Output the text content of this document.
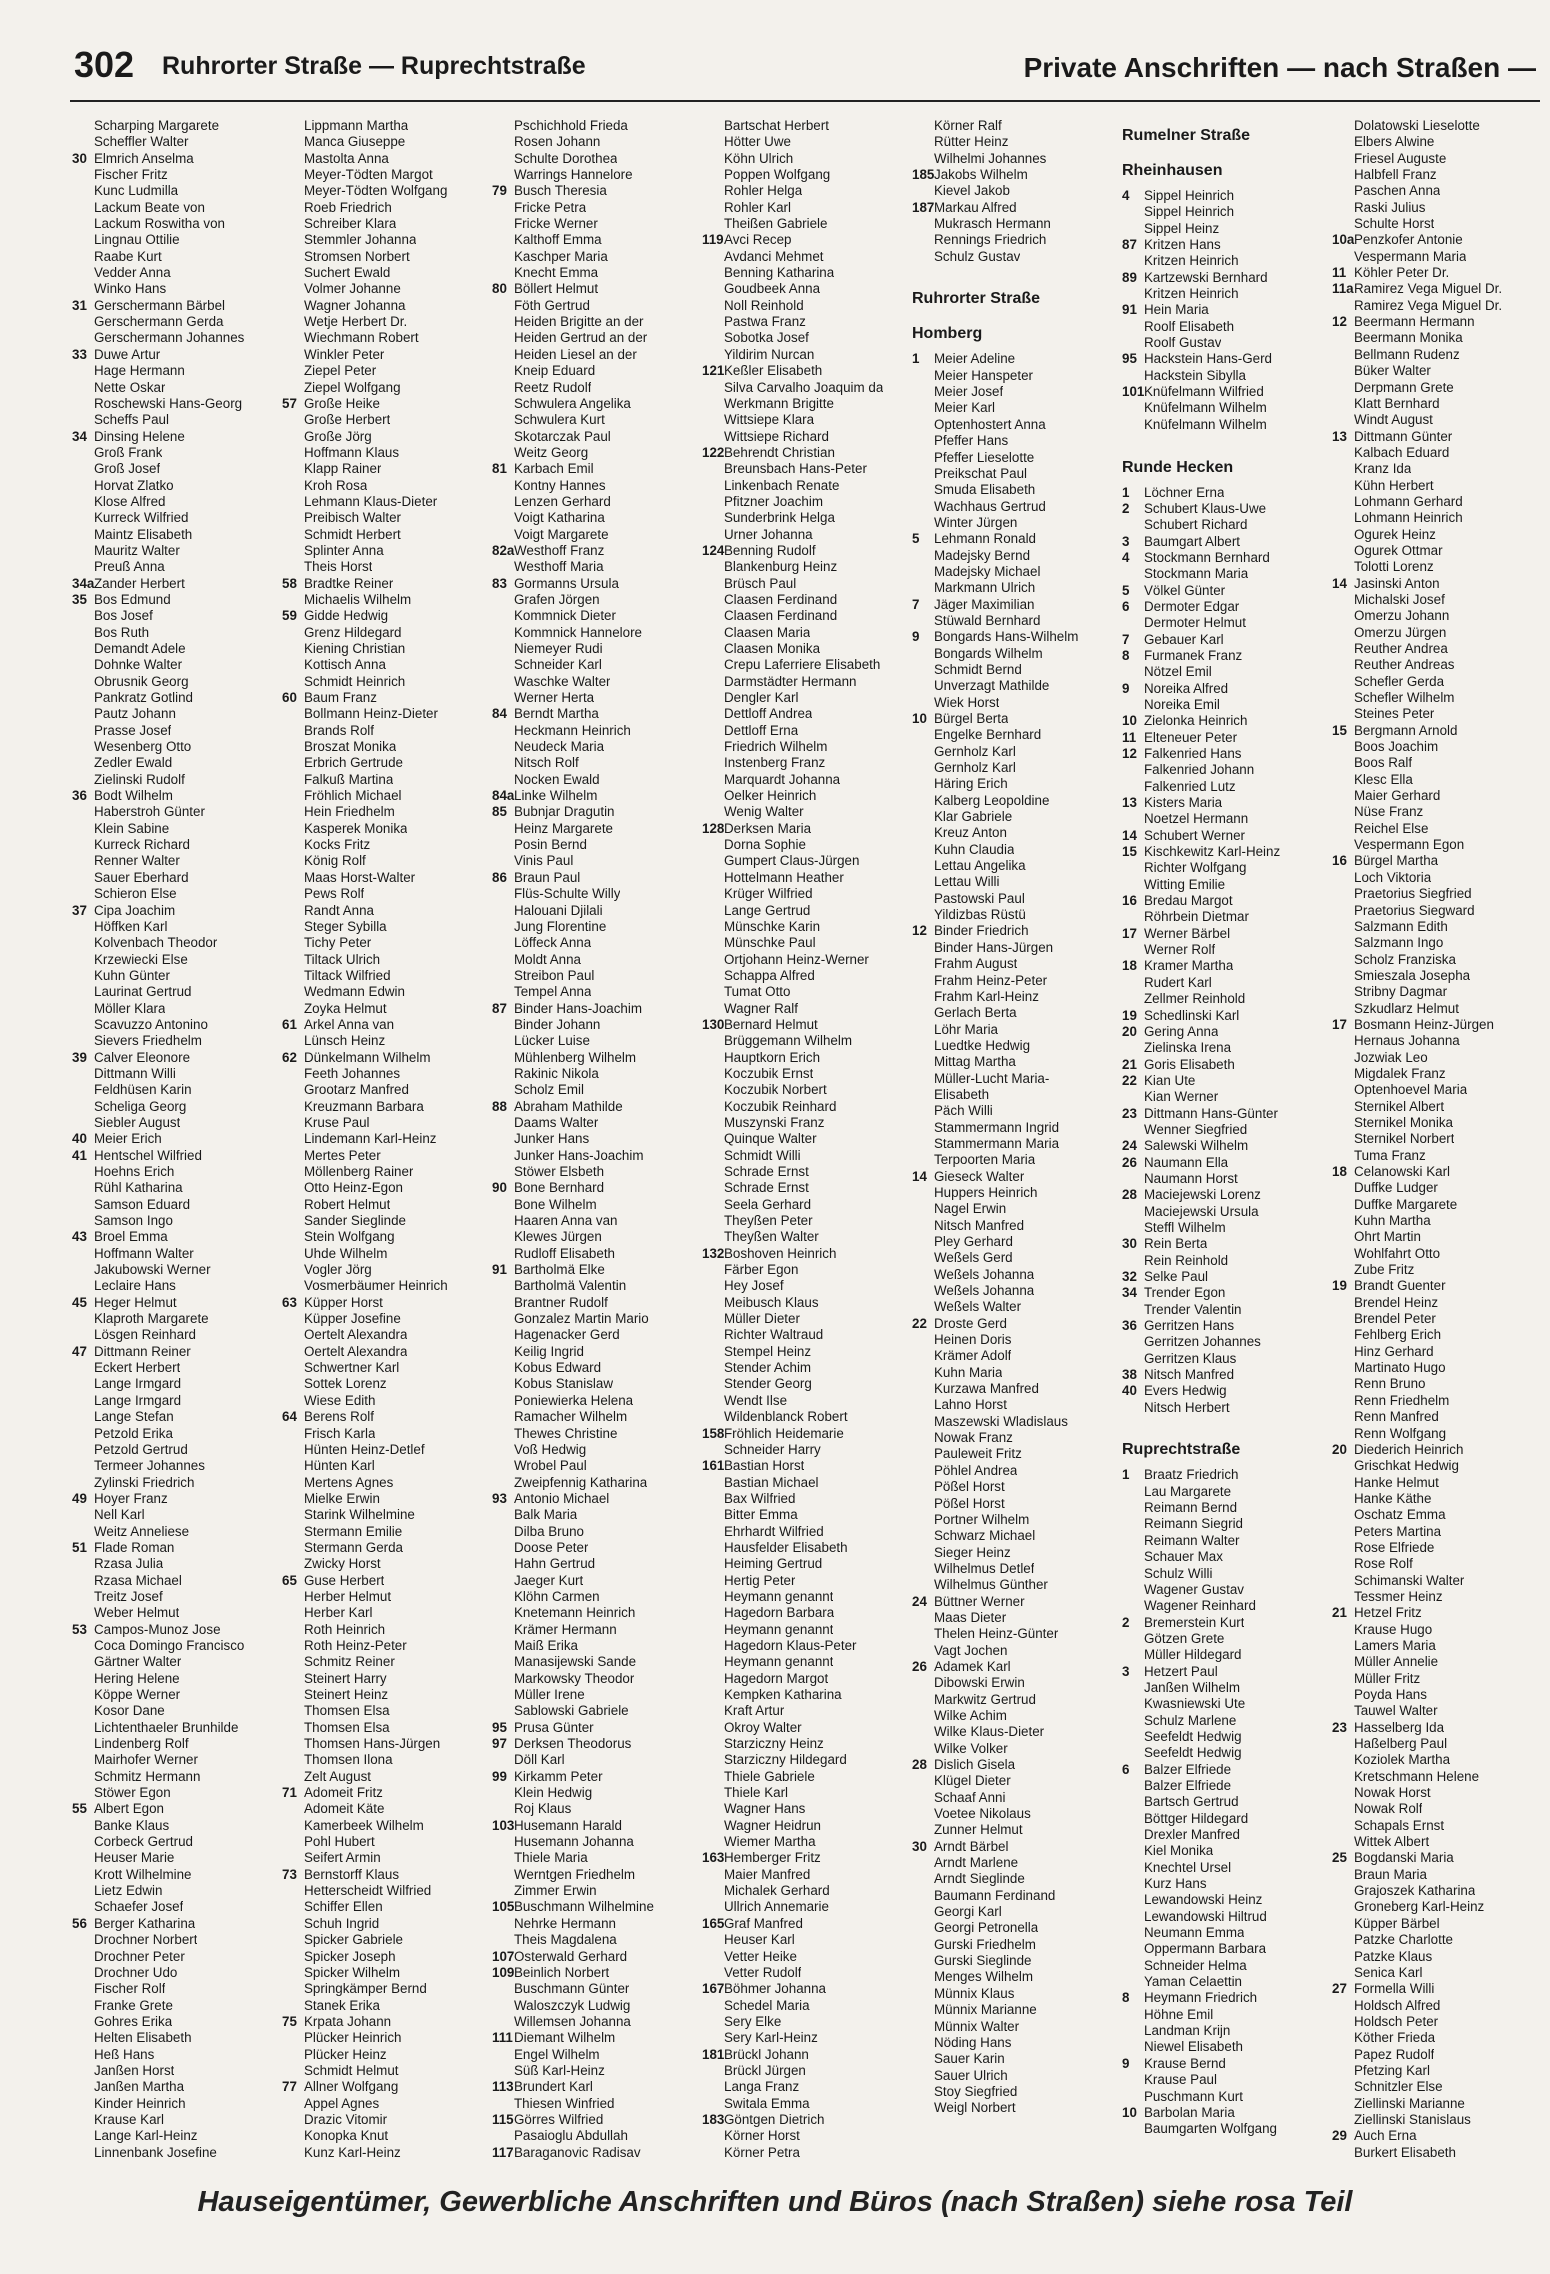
302 Ruhrorter Straße — Ruprechtstraße	Private Anschriften — nach Straßen —
Scharping Margarete
Scheffler Walter
30 Elmrich Anselma
Fischer Fritz
Kunc Ludmilla
Lackum Beate von
Lackum Roswitha von
Lingnau Ottilie
Raabe Kurt
Vedder Anna
Winko Hans
31 Gerschermann Bärbel
Gerschermann Gerda
Gerschermann Johannes
33 Duwe Artur
Hage Hermann
Nette Oskar
Roschewski Hans-Georg
Scheffs Paul
34 Dinsing Helene
Groß Frank
Groß Josef
Horvat Zlatko
Klose Alfred
Kurreck Wilfried
Maintz Elisabeth
Mauritz Walter
Preuß Anna
34a Zander Herbert
35 Bos Edmund
Bos Josef
Bos Ruth
Demandt Adele
Dohnke Walter
Obrusnik Georg
Pankratz Gotlind
Pautz Johann
Prasse Josef
Wesenberg Otto
Zedler Ewald
Zielinski Rudolf
36 Bodt Wilhelm
Haberstroh Günter
Klein Sabine
Kurreck Richard
Renner Walter
Sauer Eberhard
Schieron Else
37 Cipa Joachim
Höffken Karl
Kolvenbach Theodor
Krzewiecki Else
Kuhn Günter
Laurinat Gertrud
Möller Klara
Scavuzzo Antonino
Sievers Friedhelm
39 Calver Eleonore
Dittmann Willi
Feldhüsen Karin
Scheliga Georg
Siebler August
40 Meier Erich
41 Hentschel Wilfried
Hoehns Erich
Rühl Katharina
Samson Eduard
Samson Ingo
43 Broel Emma
Hoffmann Walter
Jakubowski Werner
Leclaire Hans
45 Heger Helmut
Klaproth Margarete
Lösgen Reinhard
47 Dittmann Reiner
Eckert Herbert
Lange Irmgard
Lange Irmgard
Lange Stefan
Petzold Erika
Petzold Gertrud
Termeer Johannes
Zylinski Friedrich
49 Hoyer Franz
Nell Karl
Weitz Anneliese
51 Flade Roman
Rzasa Julia
Rzasa Michael
Treitz Josef
Weber Helmut
53 Campos-Munoz Jose
Coca Domingo Francisco
Gärtner Walter
Hering Helene
Köppe Werner
Kosor Dane
Lichtenthaeler Brunhilde
Lindenberg Rolf
Mairhofer Werner
Schmitz Hermann
Stöwer Egon
55 Albert Egon
Banke Klaus
Corbeck Gertrud
Heuser Marie
Krott Wilhelmine
Lietz Edwin
Schaefer Josef
56 Berger Katharina
Drochner Norbert
Drochner Peter
Drochner Udo
Fischer Rolf
Franke Grete
Gohres Erika
Helten Elisabeth
Heß Hans
Janßen Horst
Janßen Martha
Kinder Heinrich
Krause Karl
Lange Karl-Heinz
Linnenbank Josefine
Lippmann Martha
Manca Giuseppe
Mastolta Anna
Meyer-Tödten Margot
Meyer-Tödten Wolfgang
Roeb Friedrich
Schreiber Klara
Stemmler Johanna
Stromsen Norbert
Suchert Ewald
Volmer Johanne
Wagner Johanna
Wetje Herbert Dr.
Wiechmann Robert
Winkler Peter
Ziepel Peter
Ziepel Wolfgang
57 Große Heike
Große Herbert
Große Jörg
Hoffmann Klaus
Klapp Rainer
Kroh Rosa
Lehmann Klaus-Dieter
Preibisch Walter
Schmidt Herbert
Splinter Anna
Theis Horst
58 Bradtke Reiner
Michaelis Wilhelm
59 Gidde Hedwig
Grenz Hildegard
Kiening Christian
Kottisch Anna
Schmidt Heinrich
60 Baum Franz
Bollmann Heinz-Dieter
Brands Rolf
Broszat Monika
Erbrich Gertrude
Falkuß Martina
Fröhlich Michael
Hein Friedhelm
Kasperek Monika
Kocks Fritz
König Rolf
Maas Horst-Walter
Pews Rolf
Randt Anna
Steger Sybilla
Tichy Peter
Tiltack Ulrich
Tiltack Wilfried
Wedmann Edwin
Zoyka Helmut
61 Arkel Anna van
Lünsch Heinz
62 Dünkelmann Wilhelm
Feeth Johannes
Grootarz Manfred
Kreuzmann Barbara
Kruse Paul
Lindemann Karl-Heinz
Mertes Peter
Möllenberg Rainer
Otto Heinz-Egon
Robert Helmut
Sander Sieglinde
Stein Wolfgang
Uhde Wilhelm
Vogler Jörg
Vosmerbäumer Heinrich
63 Küpper Horst
Küpper Josefine
Oertelt Alexandra
Oertelt Alexandra
Schwertner Karl
Sottek Lorenz
Wiese Edith
64 Berens Rolf
Frisch Karla
Hünten Heinz-Detlef
Hünten Karl
Mertens Agnes
Mielke Erwin
Starink Wilhelmine
Stermann Emilie
Stermann Gerda
Zwicky Horst
65 Guse Herbert
Herber Helmut
Herber Karl
Roth Heinrich
Roth Heinz-Peter
Schmitz Reiner
Steinert Harry
Steinert Heinz
Thomsen Elsa
Thomsen Elsa
Thomsen Hans-Jürgen
Thomsen Ilona
Zelt August
71 Adomeit Fritz
Adomeit Käte
Kamerbeek Wilhelm
Pohl Hubert
Seifert Armin
73 Bernstorff Klaus
Hetterscheidt Wilfried
Schiffer Ellen
Schuh Ingrid
Spicker Gabriele
Spicker Joseph
Spicker Wilhelm
Springkämper Bernd
Stanek Erika
75 Krpata Johann
Plücker Heinrich
Plücker Heinz
Schmidt Helmut
77 Allner Wolfgang
Appel Agnes
Drazic Vitomir
Konopka Knut
Kunz Karl-Heinz
Pschichhold Frieda
Rosen Johann
Schulte Dorothea
Warrings Hannelore
79 Busch Theresia
Fricke Petra
Fricke Werner
Kalthoff Emma
Kaschper Maria
Knecht Emma
80 Böllert Helmut
Föth Gertrud
Heiden Brigitte an der
Heiden Gertrud an der
Heiden Liesel an der
Kneip Eduard
Reetz Rudolf
Schwulera Angelika
Schwulera Kurt
Skotarczak Paul
Weitz Georg
81 Karbach Emil
Kontny Hannes
Lenzen Gerhard
Voigt Katharina
Voigt Margarete
82a Westhoff Franz
Westhoff Maria
83 Gormanns Ursula
Grafen Jörgen
Kommnick Dieter
Kommnick Hannelore
Niemeyer Rudi
Schneider Karl
Waschke Walter
Werner Herta
84 Berndt Martha
Heckmann Heinrich
Neudeck Maria
Nitsch Rolf
Nocken Ewald
84a Linke Wilhelm
85 Bubnjar Dragutin
Heinz Margarete
Posin Bernd
Vinis Paul
86 Braun Paul
Flüs-Schulte Willy
Halouani Djilali
Jung Florentine
Löffeck Anna
Moldt Anna
Streibon Paul
Tempel Anna
87 Binder Hans-Joachim
Binder Johann
Lücker Luise
Mühlenberg Wilhelm
Rakinic Nikola
Scholz Emil
88 Abraham Mathilde
Daams Walter
Junker Hans
Junker Hans-Joachim
Stöwer Elsbeth
90 Bone Bernhard
Bone Wilhelm
Haaren Anna van
Klewes Jürgen
Rudloff Elisabeth
91 Bartholmä Elke
Bartholmä Valentin
Brantner Rudolf
Gonzalez Martin Mario
Hagenacker Gerd
Keilig Ingrid
Kobus Edward
Kobus Stanislaw
Poniewierka Helena
Ramacher Wilhelm
Thewes Christine
Voß Hedwig
Wrobel Paul
Zweipfennig Katharina
93 Antonio Michael
Balk Maria
Dilba Bruno
Doose Peter
Hahn Gertrud
Jaeger Kurt
Klöhn Carmen
Knetemann Heinrich
Krämer Hermann
Maiß Erika
Manasijewski Sande
Markowsky Theodor
Müller Irene
Sablowski Gabriele
95 Prusa Günter
97 Derksen Theodorus
Döll Karl
99 Kirkamm Peter
Klein Hedwig
Roj Klaus
103 Husemann Harald
Husemann Johanna
Thiele Maria
Werntgen Friedhelm
Zimmer Erwin
105 Buschmann Wilhelmine
Nehrke Hermann
Theis Magdalena
107 Osterwald Gerhard
109 Beinlich Norbert
Buschmann Günter
Waloszczyk Ludwig
Willemsen Johanna
111 Diemant Wilhelm
Engel Wilhelm
Süß Karl-Heinz
113 Brundert Karl
Thiesen Winfried
115 Görres Wilfried
Pasaioglu Abdullah
117 Baraganovic Radisav
Bartschat Herbert
Hötter Uwe
Köhn Ulrich
Poppen Wolfgang
Rohler Helga
Rohler Karl
Theißen Gabriele
119 Avci Recep
Avdanci Mehmet
Benning Katharina
Goudbeek Anna
Noll Reinhold
Pastwa Franz
Sobotka Josef
Yildirim Nurcan
121 Keßler Elisabeth
Silva Carvalho Joaquim da
Werkmann Brigitte
Wittsiepe Klara
Wittsiepe Richard
122 Behrendt Christian
Breunsbach Hans-Peter
Linkenbach Renate
Pfitzner Joachim
Sunderbrink Helga
Urner Johanna
124 Benning Rudolf
Blankenburg Heinz
Brüsch Paul
Claasen Ferdinand
Claasen Ferdinand
Claasen Maria
Claasen Monika
Crepu Laferriere Elisabeth
Darmstädter Hermann
Dengler Karl
Dettloff Andrea
Dettloff Erna
Friedrich Wilhelm
Instenberg Franz
Marquardt Johanna
Oelker Heinrich
Wenig Walter
128 Derksen Maria
Dorna Sophie
Gumpert Claus-Jürgen
Hottelmann Heather
Krüger Wilfried
Lange Gertrud
Münschke Karin
Münschke Paul
Ortjohann Heinz-Werner
Schappa Alfred
Tumat Otto
Wagner Ralf
130 Bernard Helmut
Brüggemann Wilhelm
Hauptkorn Erich
Koczubik Ernst
Koczubik Norbert
Koczubik Reinhard
Muszynski Franz
Quinque Walter
Schmidt Willi
Schrade Ernst
Schrade Ernst
Seela Gerhard
Theyßen Peter
Theyßen Walter
132 Boshoven Heinrich
Färber Egon
Hey Josef
Meibusch Klaus
Müller Dieter
Richter Waltraud
Stempel Heinz
Stender Achim
Stender Georg
Wendt Ilse
Wildenblanck Robert
158 Fröhlich Heidemarie
Schneider Harry
161 Bastian Horst
Bastian Michael
Bax Wilfried
Bitter Emma
Ehrhardt Wilfried
Hausfelder Elisabeth
Heiming Gertrud
Hertig Peter
Heymann genannt
Hagedorn Barbara
Heymann genannt
Hagedorn Klaus-Peter
Heymann genannt
Hagedorn Margot
Kempken Katharina
Kraft Artur
Okroy Walter
Starziczny Heinz
Starziczny Hildegard
Thiele Gabriele
Thiele Karl
Wagner Hans
Wagner Heidrun
Wiemer Martha
163 Hemberger Fritz
Maier Manfred
Michalek Gerhard
Ullrich Annemarie
165 Graf Manfred
Heuser Karl
Vetter Heike
Vetter Rudolf
167 Böhmer Johanna
Schedel Maria
Sery Elke
Sery Karl-Heinz
181 Brückl Johann
Brückl Jürgen
Langa Franz
Switala Emma
183 Göntgen Dietrich
Körner Horst
Körner Petra
Körner Ralf
Rütter Heinz
Wilhelmi Johannes
185 Jakobs Wilhelm
Kievel Jakob
187 Markau Alfred
Mukrasch Hermann
Rennings Friedrich
Schulz Gustav
Ruhrorter Straße
Homberg
1	Meier Adeline
Meier Hanspeter
Meier Josef
Meier Karl
Optenhostert Anna
Pfeffer Hans
Pfeffer Lieselotte
Preikschat Paul
Smuda Elisabeth
Wachhaus Gertrud
Winter Jürgen
5	Lehmann Ronald
Madejsky Bernd
Madejsky Michael
Markmann Ulrich
7	Jäger Maximilian
Stüwald Bernhard
9	Bongards Hans-Wilhelm
Bongards Wilhelm
Schmidt Bernd
Unverzagt Mathilde
Wiek Horst
10 Bürgel Berta
Engelke Bernhard
Gernholz Karl
Gernholz Karl
Häring Erich
Kalberg Leopoldine
Klar Gabriele
Kreuz Anton
Kuhn Claudia
Lettau Angelika
Lettau Willi
Pastowski Paul
Yildizbas Rüstü
12 Binder Friedrich
Binder Hans-Jürgen
Frahm August
Frahm Heinz-Peter
Frahm Karl-Heinz
Gerlach Berta
Löhr Maria
Luedtke Hedwig
Mittag Martha
Müller-Lucht Maria-
Elisabeth
Päch Willi
Stammermann Ingrid
Stammermann Maria
Terpoorten Maria
14 Gieseck Walter
Huppers Heinrich
Nagel Erwin
Nitsch Manfred
Pley Gerhard
Weßels Gerd
Weßels Johanna
Weßels Johanna
Weßels Walter
22 Droste Gerd
Heinen Doris
Krämer Adolf
Kuhn Maria
Kurzawa Manfred
Lahno Horst
Maszewski Wladislaus
Nowak Franz
Pauleweit Fritz
Pöhlel Andrea
Pößel Horst
Pößel Horst
Portner Wilhelm
Schwarz Michael
Sieger Heinz
Wilhelmus Detlef
Wilhelmus Günther
24 Büttner Werner
Maas Dieter
Thelen Heinz-Günter
Vagt Jochen
26 Adamek Karl
Dibowski Erwin
Markwitz Gertrud
Wilke Achim
Wilke Klaus-Dieter
Wilke Volker
28 Dislich Gisela
Klügel Dieter
Schaaf Anni
Voetee Nikolaus
Zunner Helmut
30 Arndt Bärbel
Arndt Marlene
Arndt Sieglinde
Baumann Ferdinand
Georgi Karl
Georgi Petronella
Gurski Friedhelm
Gurski Sieglinde
Menges Wilhelm
Münnix Klaus
Münnix Marianne
Münnix Walter
Nöding Hans
Sauer Karin
Sauer Ulrich
Stoy Siegfried
Weigl Norbert
Rumelner Straße
Rheinhausen
4	Sippel Heinrich
Sippel Heinrich
Sippel Heinz
87 Kritzen Hans
Kritzen Heinrich
89 Kartzewski Bernhard
Kritzen Heinrich
91 Hein Maria
Roolf Elisabeth
Roolf Gustav
95 Hackstein Hans-Gerd
Hackstein Sibylla
101 Knüfelmann Wilfried
Knüfelmann Wilhelm
Knüfelmann Wilhelm
Runde Hecken
1	Löchner Erna
2	Schubert Klaus-Uwe
Schubert Richard
3	Baumgart Albert
4	Stockmann Bernhard
Stockmann Maria
5	Völkel Günter
6	Dermoter Edgar
Dermoter Helmut
7	Gebauer Karl
8	Furmanek Franz
Nötzel Emil
9	Noreika Alfred
Noreika Emil
10 Zielonka Heinrich
11 Elteneuer Peter
12 Falkenried Hans
Falkenried Johann
Falkenried Lutz
13 Kisters Maria
Noetzel Hermann
14 Schubert Werner
15 Kischkewitz Karl-Heinz
Richter Wolfgang
Witting Emilie
16 Bredau Margot
Röhrbein Dietmar
17 Werner Bärbel
Werner Rolf
18 Kramer Martha
Rudert Karl
Zellmer Reinhold
19 Schedlinski Karl
20 Gering Anna
Zielinska Irena
21 Goris Elisabeth
22 Kian Ute
Kian Werner
23 Dittmann Hans-Günter
Wenner Siegfried
24 Salewski Wilhelm
26 Naumann Ella
Naumann Horst
28 Maciejewski Lorenz
Maciejewski Ursula
Steffl Wilhelm
30 Rein Berta
Rein Reinhold
32 Selke Paul
34 Trender Egon
Trender Valentin
36 Gerritzen Hans
Gerritzen Johannes
Gerritzen Klaus
38 Nitsch Manfred
40 Evers Hedwig
Nitsch Herbert
Ruprechtstraße
1	Braatz Friedrich
Lau Margarete
Reimann Bernd
Reimann Siegrid
Reimann Walter
Schauer Max
Schulz Willi
Wagener Gustav
Wagener Reinhard
2	Bremerstein Kurt
Götzen Grete
Müller Hildegard
3	Hetzert Paul
Janßen Wilhelm
Kwasniewski Ute
Schulz Marlene
Seefeldt Hedwig
Seefeldt Hedwig
6	Balzer Elfriede
Balzer Elfriede
Bartsch Gertrud
Böttger Hildegard
Drexler Manfred
Kiel Monika
Knechtel Ursel
Kurz Hans
Lewandowski Heinz
Lewandowski Hiltrud
Neumann Emma
Oppermann Barbara
Schneider Helma
Yaman Celaettin
8	Heymann Friedrich
Höhne Emil
Landman Krijn
Niewel Elisabeth
9	Krause Bernd
Krause Paul
Puschmann Kurt
10 Barbolan Maria
Baumgarten Wolfgang
Dolatowski Lieselotte
Elbers Alwine
Friesel Auguste
Halbfell Franz
Paschen Anna
Raski Julius
Schulte Horst
10a Penzkofer Antonie
Vespermann Maria
11 Köhler Peter Dr.
11a Ramirez Vega Miguel Dr.
Ramirez Vega Miguel Dr.
12 Beermann Hermann
Beermann Monika
Bellmann Rudenz
Büker Walter
Derpmann Grete
Klatt Bernhard
Windt August
13 Dittmann Günter
Kalbach Eduard
Kranz Ida
Kühn Herbert
Lohmann Gerhard
Lohmann Heinrich
Ogurek Heinz
Ogurek Ottmar
Tolotti Lorenz
14 Jasinski Anton
Michalski Josef
Omerzu Johann
Omerzu Jürgen
Reuther Andrea
Reuther Andreas
Schefler Gerda
Schefler Wilhelm
Steines Peter
15 Bergmann Arnold
Boos Joachim
Boos Ralf
Klesc Ella
Maier Gerhard
Nüse Franz
Reichel Else
Vespermann Egon
16 Bürgel Martha
Loch Viktoria
Praetorius Siegfried
Praetorius Siegward
Salzmann Edith
Salzmann Ingo
Scholz Franziska
Smieszala Josepha
Stribny Dagmar
Szkudlarz Helmut
17 Bosmann Heinz-Jürgen
Hernaus Johanna
Jozwiak Leo
Migdalek Franz
Optenhoevel Maria
Sternikel Albert
Sternikel Monika
Sternikel Norbert
Tuma Franz
18 Celanowski Karl
Duffke Ludger
Duffke Margarete
Kuhn Martha
Ohrt Martin
Wohlfahrt Otto
Zube Fritz
19 Brandt Guenter
Brendel Heinz
Brendel Peter
Fehlberg Erich
Hinz Gerhard
Martinato Hugo
Renn Bruno
Renn Friedhelm
Renn Manfred
Renn Wolfgang
20 Diederich Heinrich
Grischkat Hedwig
Hanke Helmut
Hanke Käthe
Oschatz Emma
Peters Martina
Rose Elfriede
Rose Rolf
Schimanski Walter
Tessmer Heinz
21 Hetzel Fritz
Krause Hugo
Lamers Maria
Müller Annelie
Müller Fritz
Poyda Hans
Tauwel Walter
23 Hasselberg Ida
Haßelberg Paul
Koziolek Martha
Kretschmann Helene
Nowak Horst
Nowak Rolf
Schapals Ernst
Wittek Albert
25 Bogdanski Maria
Braun Maria
Grajoszek Katharina
Groneberg Karl-Heinz
Küpper Bärbel
Patzke Charlotte
Patzke Klaus
Senica Karl
27 Formella Willi
Holdsch Alfred
Holdsch Peter
Köther Frieda
Papez Rudolf
Pfetzing Karl
Schnitzler Else
Ziellinski Marianne
Ziellinski Stanislaus
29 Auch Erna
Burkert Elisabeth
Hauseigentümer, Gewerbliche Anschriften und Büros (nach Straßen) siehe rosa Teil
